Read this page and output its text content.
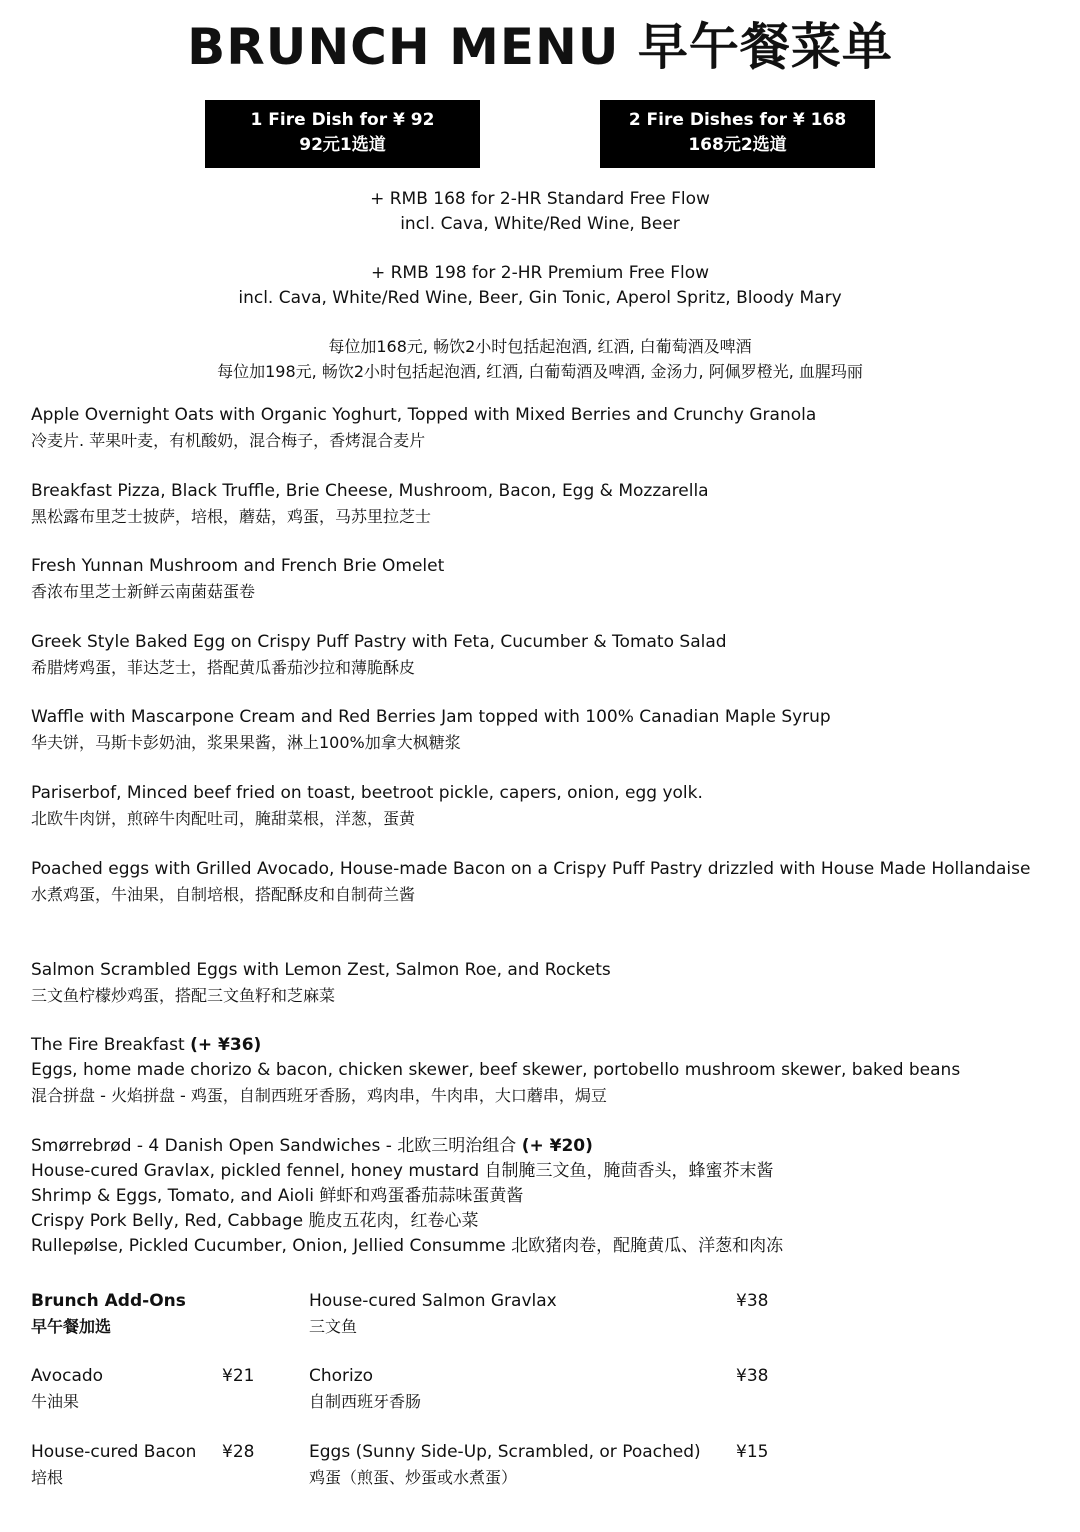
BRUNCH MENU 早午餐菜单
1 Fire Dish for ¥ 92
92元1选道
2 Fire Dishes for ¥ 168
168元2选道
+ RMB 168 for 2-HR Standard Free Flow
incl. Cava, White/Red Wine, Beer
+ RMB 198 for 2-HR Premium Free Flow
incl. Cava, White/Red Wine, Beer, Gin Tonic, Aperol Spritz, Bloody Mary
每位加168元, 畅饮2小时包括起泡酒, 红酒, 白葡萄酒及啤酒
每位加198元, 畅饮2小时包括起泡酒, 红酒, 白葡萄酒及啤酒, 金汤力, 阿佩罗橙光, 血腥玛丽
Apple Overnight Oats with Organic Yoghurt, Topped with Mixed Berries and Crunchy Granola
冷麦片. 苹果叶麦，有机酸奶，混合梅子，香烤混合麦片
Breakfast Pizza, Black Truffle, Brie Cheese, Mushroom, Bacon, Egg & Mozzarella
黑松露布里芝士披萨，培根，蘑菇，鸡蛋，马苏里拉芝士
Fresh Yunnan Mushroom and French Brie Omelet
香浓布里芝士新鲜云南菌菇蛋卷
Greek Style Baked Egg on Crispy Puff Pastry with Feta, Cucumber & Tomato Salad
希腊烤鸡蛋，菲达芝士，搭配黄瓜番茄沙拉和薄脆酥皮
Waffle with Mascarpone Cream and Red Berries Jam topped with 100% Canadian Maple Syrup
华夫饼，马斯卡彭奶油，浆果果酱，淋上100%加拿大枫糖浆
Pariserbof, Minced beef fried on toast, beetroot pickle, capers, onion, egg yolk.
北欧牛肉饼，煎碎牛肉配吐司，腌甜菜根，洋葱，蛋黄
Poached eggs with Grilled Avocado, House-made Bacon on a Crispy Puff Pastry drizzled with House Made Hollandaise
水煮鸡蛋，牛油果，自制培根，搭配酥皮和自制荷兰酱
Salmon Scrambled Eggs with Lemon Zest, Salmon Roe, and Rockets
三文鱼柠檬炒鸡蛋，搭配三文鱼籽和芝麻菜
The Fire Breakfast (+ ¥36)
Eggs, home made chorizo & bacon, chicken skewer, beef skewer, portobello mushroom skewer, baked beans
混合拼盘 - 火焰拼盘 - 鸡蛋，自制西班牙香肠，鸡肉串，牛肉串，大口蘑串，焗豆
Smørrebrød - 4 Danish Open Sandwiches - 北欧三明治组合 (+ ¥20)
House-cured Gravlax, pickled fennel, honey mustard 自制腌三文鱼，腌茴香头，蜂蜜芥末酱
Shrimp & Eggs, Tomato, and Aioli 鲜虾和鸡蛋番茄蒜味蛋黄酱
Crispy Pork Belly, Red, Cabbage 脆皮五花肉，红卷心菜
Rullepølse, Pickled Cucumber, Onion, Jellied Consumme 北欧猪肉卷，配腌黄瓜、洋葱和肉冻
Brunch Add-Ons
早午餐加选
Avocado
牛油果
¥21
House-cured Bacon
培根
¥28
House-cured Salmon Gravlax
三文鱼
¥38
Chorizo
自制西班牙香肠
¥38
Eggs (Sunny Side-Up, Scrambled, or Poached)
鸡蛋（煎蛋、炒蛋或水煮蛋）
¥15
